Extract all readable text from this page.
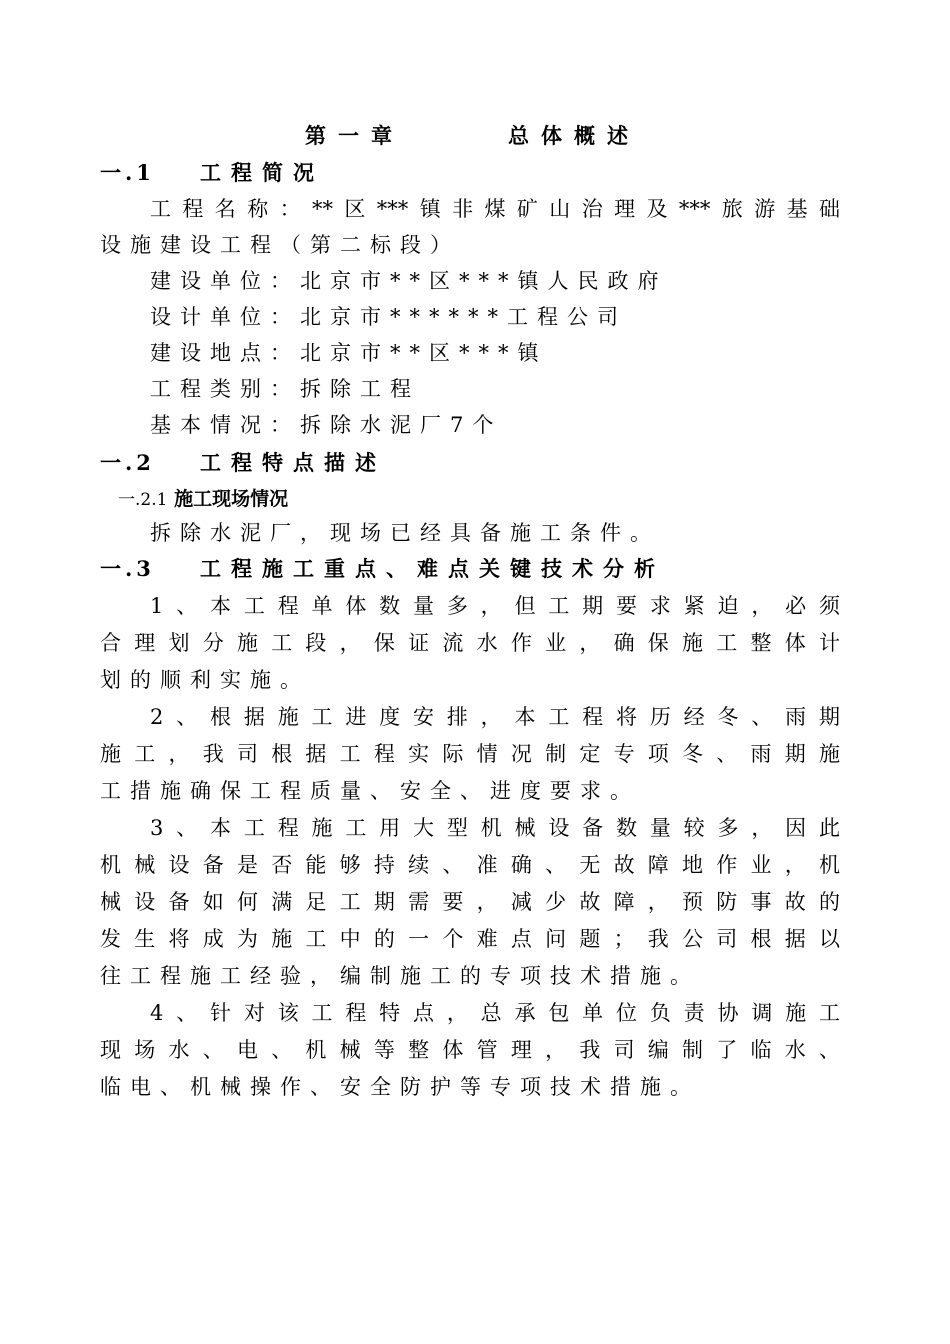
第一章	总体概述
一.1 工程简况
工程名称：**区***镇非煤矿山治理及***旅游基础
设施建设工程（第二标段）
建设单位：北京市**区***镇人民政府
设计单位：北京市******工程公司
建设地点：北京市**区***镇
工程类别：拆除工程
基本情况：拆除水泥厂7个
一.2 工程特点描述
一.2.1 施工现场情况
拆除水泥厂，现场已经具备施工条件。
一.3 工程施工重点、难点关键技术分析
1、本工程单体数量多，但工期要求紧迫，必须
合理划分施工段，保证流水作业，确保施工整体计
划的顺利实施。
2、根据施工进度安排，本工程将历经冬、雨期
施工，我司根据工程实际情况制定专项冬、雨期施
工措施确保工程质量、安全、进度要求。
3、本工程施工用大型机械设备数量较多，因此
机械设备是否能够持续、准确、无故障地作业，机
械设备如何满足工期需要，减少故障，预防事故的
发生将成为施工中的一个难点问题；我公司根据以
往工程施工经验，编制施工的专项技术措施。
4、针对该工程特点，总承包单位负责协调施工
现场水、电、机械等整体管理，我司编制了临水、
临电、机械操作、安全防护等专项技术措施。
